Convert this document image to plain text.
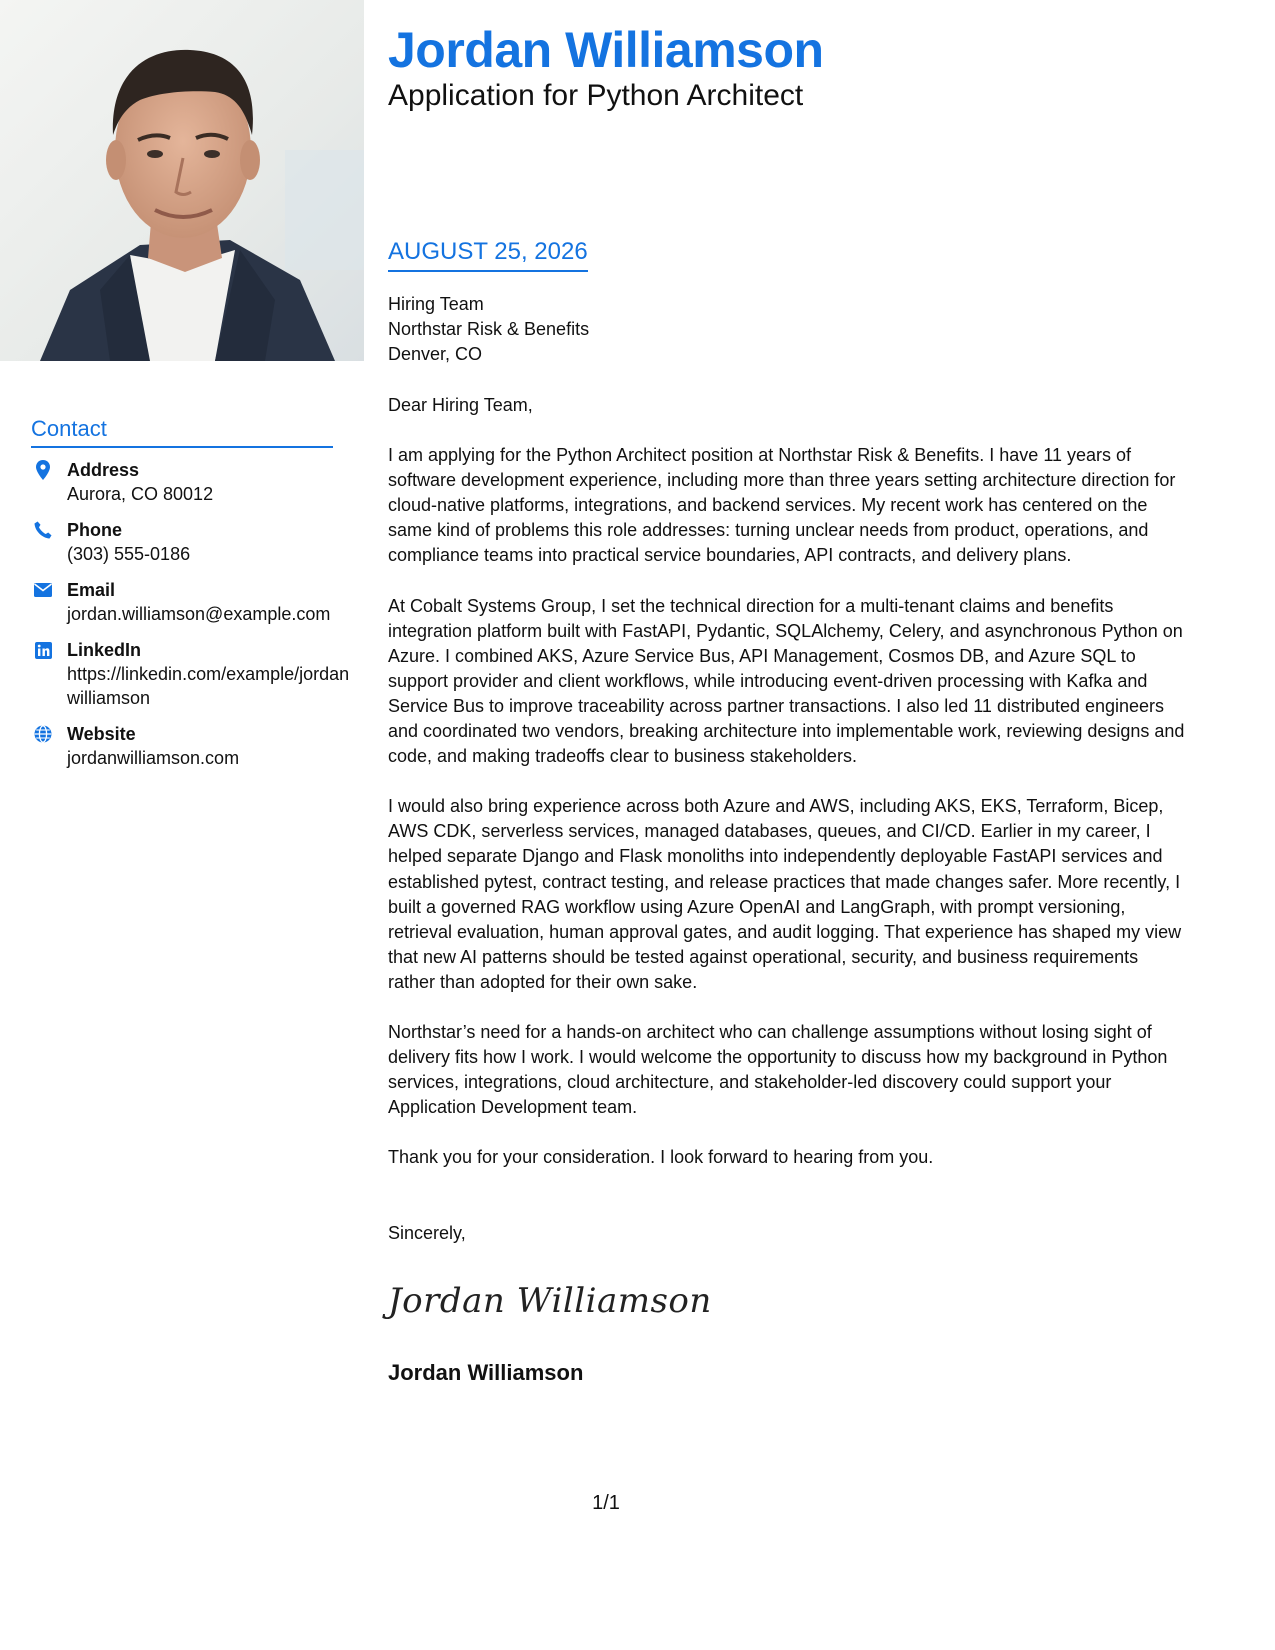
Contact
Address
Aurora, CO 80012
Phone
(303) 555-0186
Email
jordan.williamson@example.com
LinkedIn
https://linkedin.com/example/jordanwilliamson
Website
jordanwilliamson.com
Jordan Williamson
Application for Python Architect
AUGUST 25, 2026
Hiring Team
Northstar Risk & Benefits
Denver, CO

Dear Hiring Team,

I am applying for the Python Architect position at Northstar Risk & Benefits. I have 11 years of software development experience, including more than three years setting architecture direction for cloud-native platforms, integrations, and backend services. My recent work has centered on the same kind of problems this role addresses: turning unclear needs from product, operations, and compliance teams into practical service boundaries, API contracts, and delivery plans.

At Cobalt Systems Group, I set the technical direction for a multi-tenant claims and benefits integration platform built with FastAPI, Pydantic, SQLAlchemy, Celery, and asynchronous Python on Azure. I combined AKS, Azure Service Bus, API Management, Cosmos DB, and Azure SQL to support provider and client workflows, while introducing event-driven processing with Kafka and Service Bus to improve traceability across partner transactions. I also led 11 distributed engineers and coordinated two vendors, breaking architecture into implementable work, reviewing designs and code, and making tradeoffs clear to business stakeholders.

I would also bring experience across both Azure and AWS, including AKS, EKS, Terraform, Bicep, AWS CDK, serverless services, managed databases, queues, and CI/CD. Earlier in my career, I helped separate Django and Flask monoliths into independently deployable FastAPI services and established pytest, contract testing, and release practices that made changes safer. More recently, I built a governed RAG workflow using Azure OpenAI and LangGraph, with prompt versioning, retrieval evaluation, human approval gates, and audit logging. That experience has shaped my view that new AI patterns should be tested against operational, security, and business requirements rather than adopted for their own sake.

Northstar’s need for a hands-on architect who can challenge assumptions without losing sight of delivery fits how I work. I would welcome the opportunity to discuss how my background in Python services, integrations, cloud architecture, and stakeholder-led discovery could support your Application Development team.

Thank you for your consideration. I look forward to hearing from you.

Sincerely,
Jordan Williamson
Jordan Williamson
1/1
